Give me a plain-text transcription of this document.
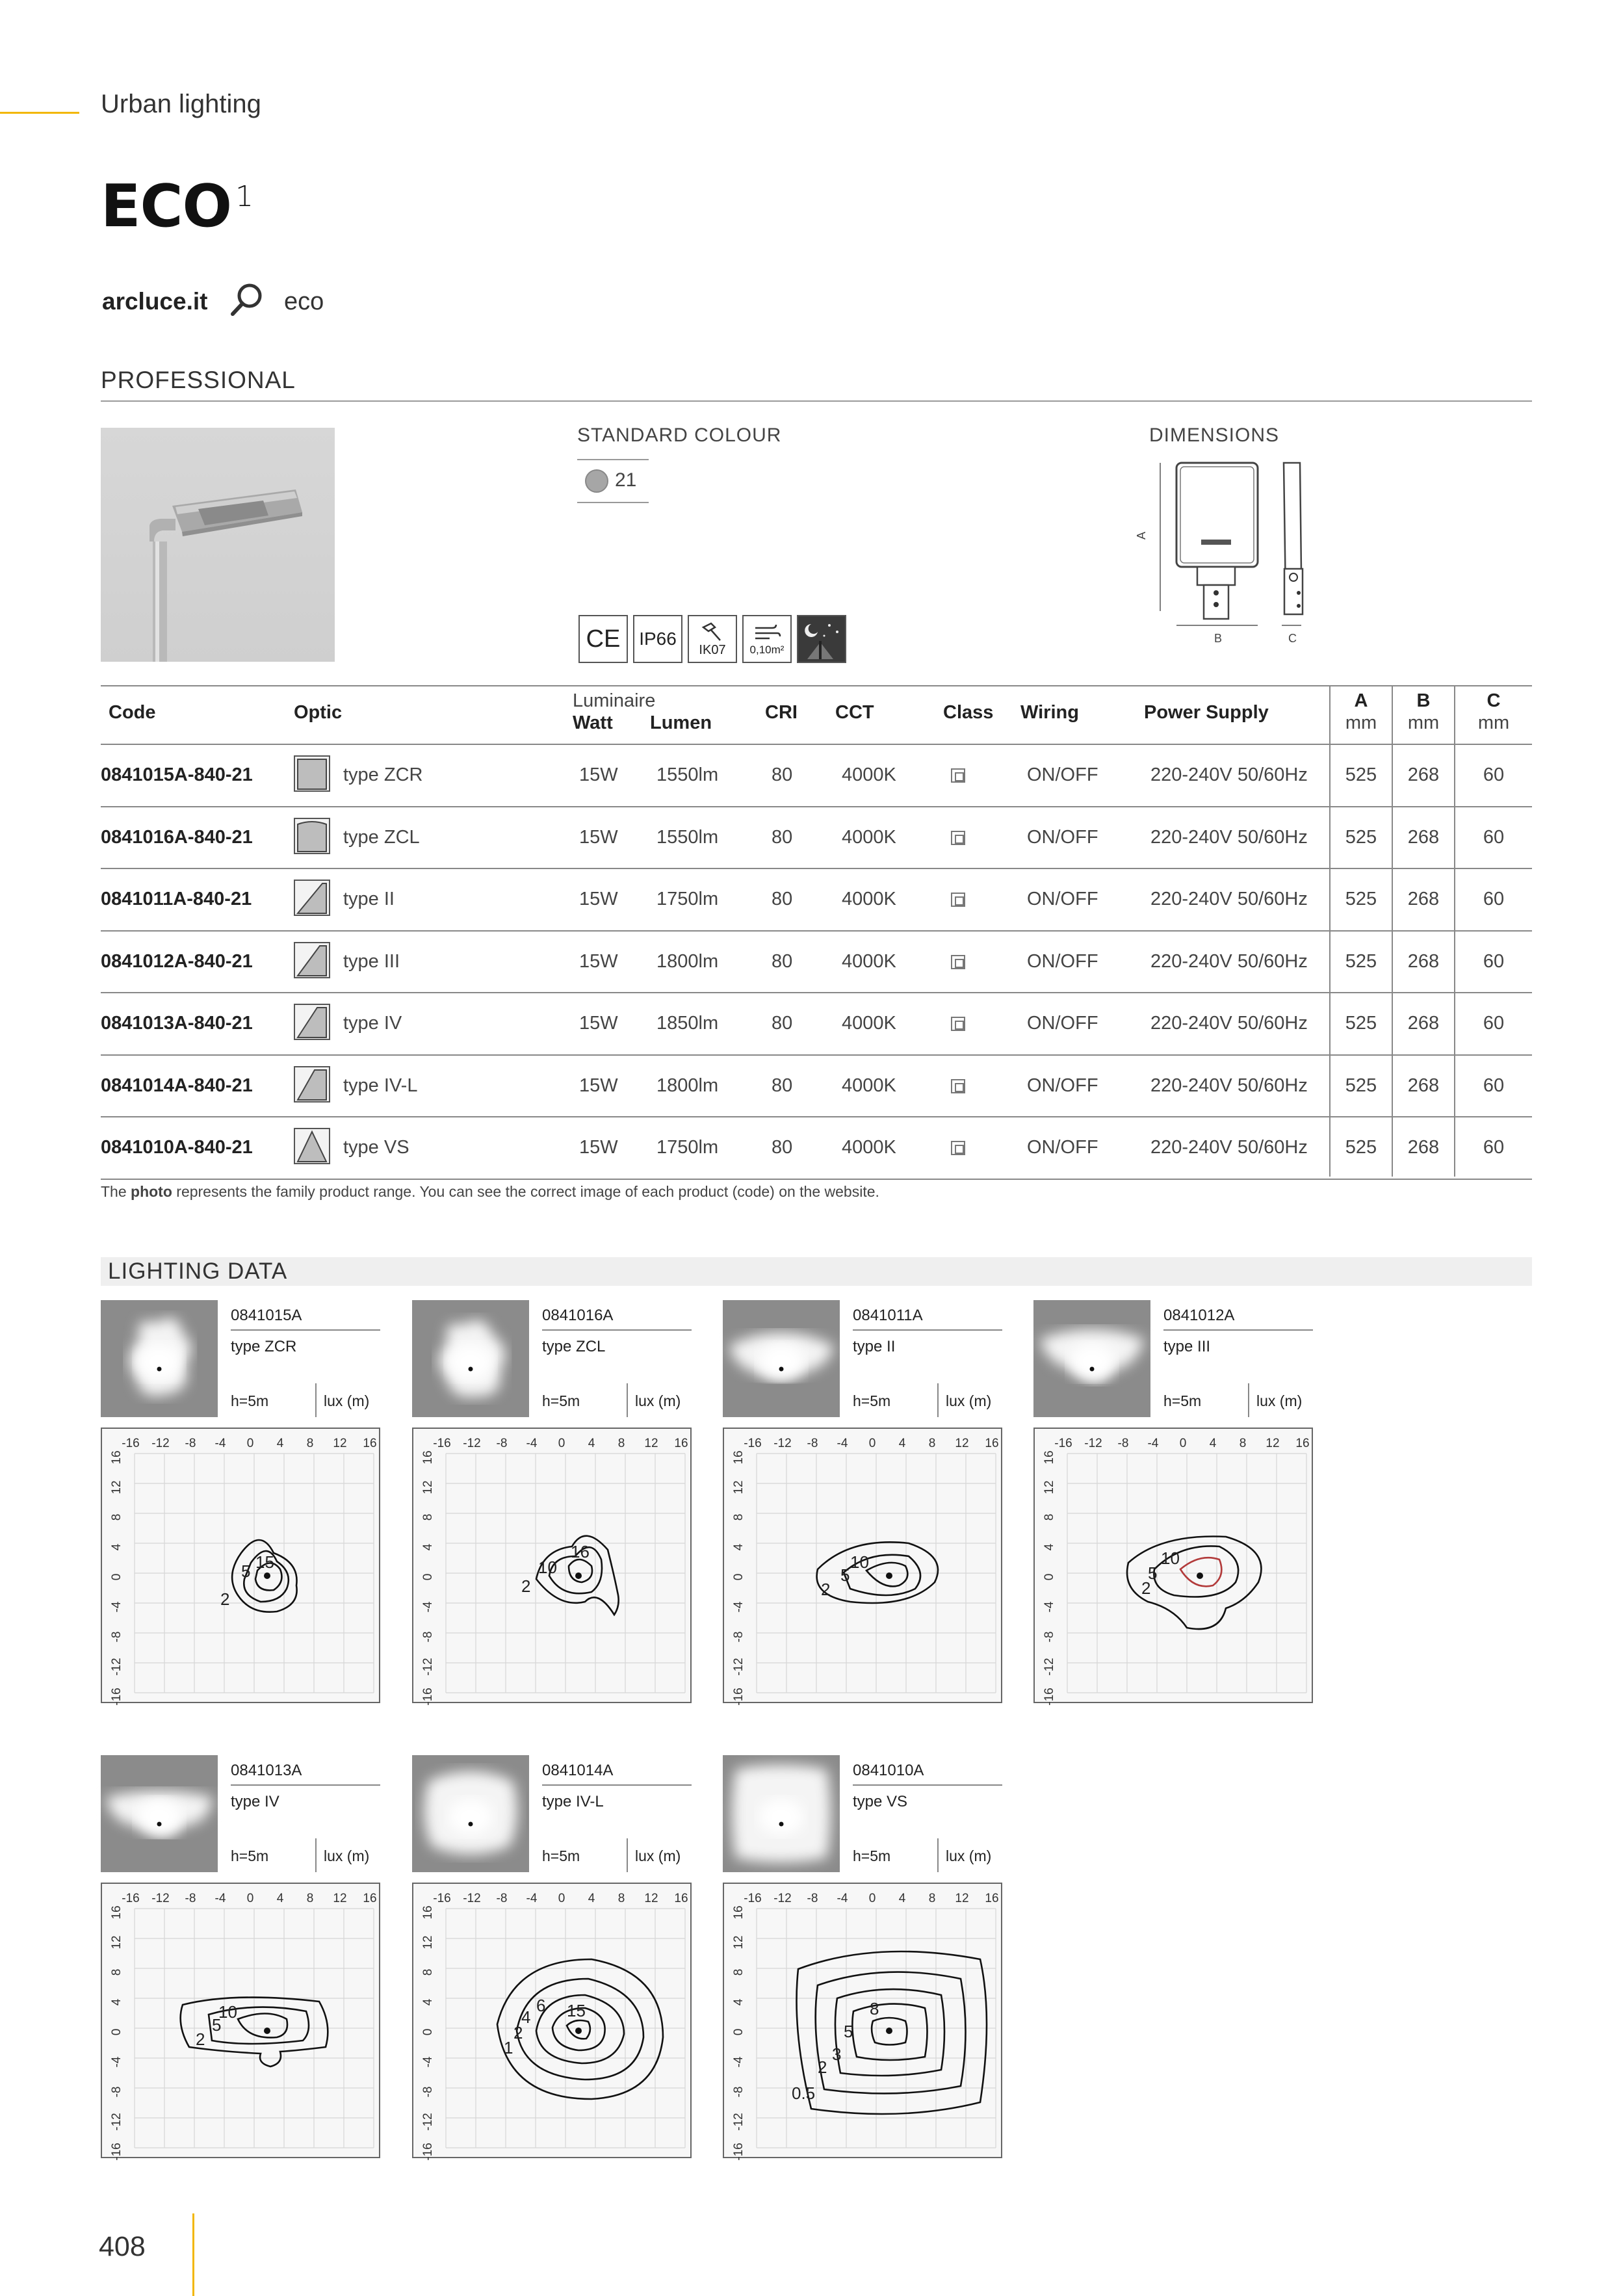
Urban lighting
ECO $^1$
arcluce.it	eco
PROFESSIONAL
STANDARD COLOUR
21
CE IP66
IK07 0,10m²
DIMENSIONS
A
B	C
Code	Optic
Luminaire
Watt Lumen	CRI CCT	Class Wiring	Power Supply
A
mm
B
mm
C
mm
0841015A-840-21	type ZCR	15W 1550lm	80	4000K	ON/OFF	220-240V 50/60Hz	525	268	60
0841016A-840-21	type ZCL	15W 1550lm	80	4000K	ON/OFF	220-240V 50/60Hz	525	268	60
0841011A-840-21	type II	15W 1750lm	80	4000K	ON/OFF	220-240V 50/60Hz	525	268	60
0841012A-840-21	type III	15W 1800lm	80	4000K	ON/OFF	220-240V 50/60Hz	525	268	60
0841013A-840-21	type IV	15W 1850lm	80	4000K	ON/OFF	220-240V 50/60Hz	525	268	60
0841014A-840-21	type IV-L	15W 1800lm	80	4000K	ON/OFF	220-240V 50/60Hz	525	268	60
0841010A-840-21	type VS	15W 1750lm	80	4000K	ON/OFF	220-240V 50/60Hz	525	268	60
The photo represents the family product range. You can see the correct image of each product (code) on the website.
LIGHTING DATA
0841015A
type ZCR
h=5m	lux (m)
-16 -12 -8 -4 0 4 8 12 16
16
12
8
4
0
-4
-8
-12
-16
2
5 15
0841016A
type ZCL
h=5m	lux (m)
-16 -12 -8 -4 0 4 8 12 16
16
12
8
4
0
-4
-8
-12
-16
2
10
16
0841011A
type II
h=5m	lux (m)
-16 -12 -8 -4 0 4 8 12 16
16
12
8
4
0
-4
-8
-12
-16
2
5
10
0841012A
type III
h=5m	lux (m)
-16 -12 -8 -4 0 4 8 12 16
16
12
8
4
0
-4
-8
-12
-16
2
5
10
0841013A
type IV
h=5m	lux (m)
-16 -12 -8 -4 0 4 8 12 16
16
12
8
4
0
-4
-8
-12
-16
2
5
10
0841014A
type IV-L
h=5m	lux (m)
-16 -12 -8 -4 0 4 8 12 16
16
12
8
4
0
-4
-8
-12
-16
1
2
4
6 15
0841010A
type VS
h=5m	lux (m)
-16 -12 -8 -4 0 4 8 12 16
16
12
8
4
0
-4
-8
-12
-16
0.5
2
3
5
8
408
